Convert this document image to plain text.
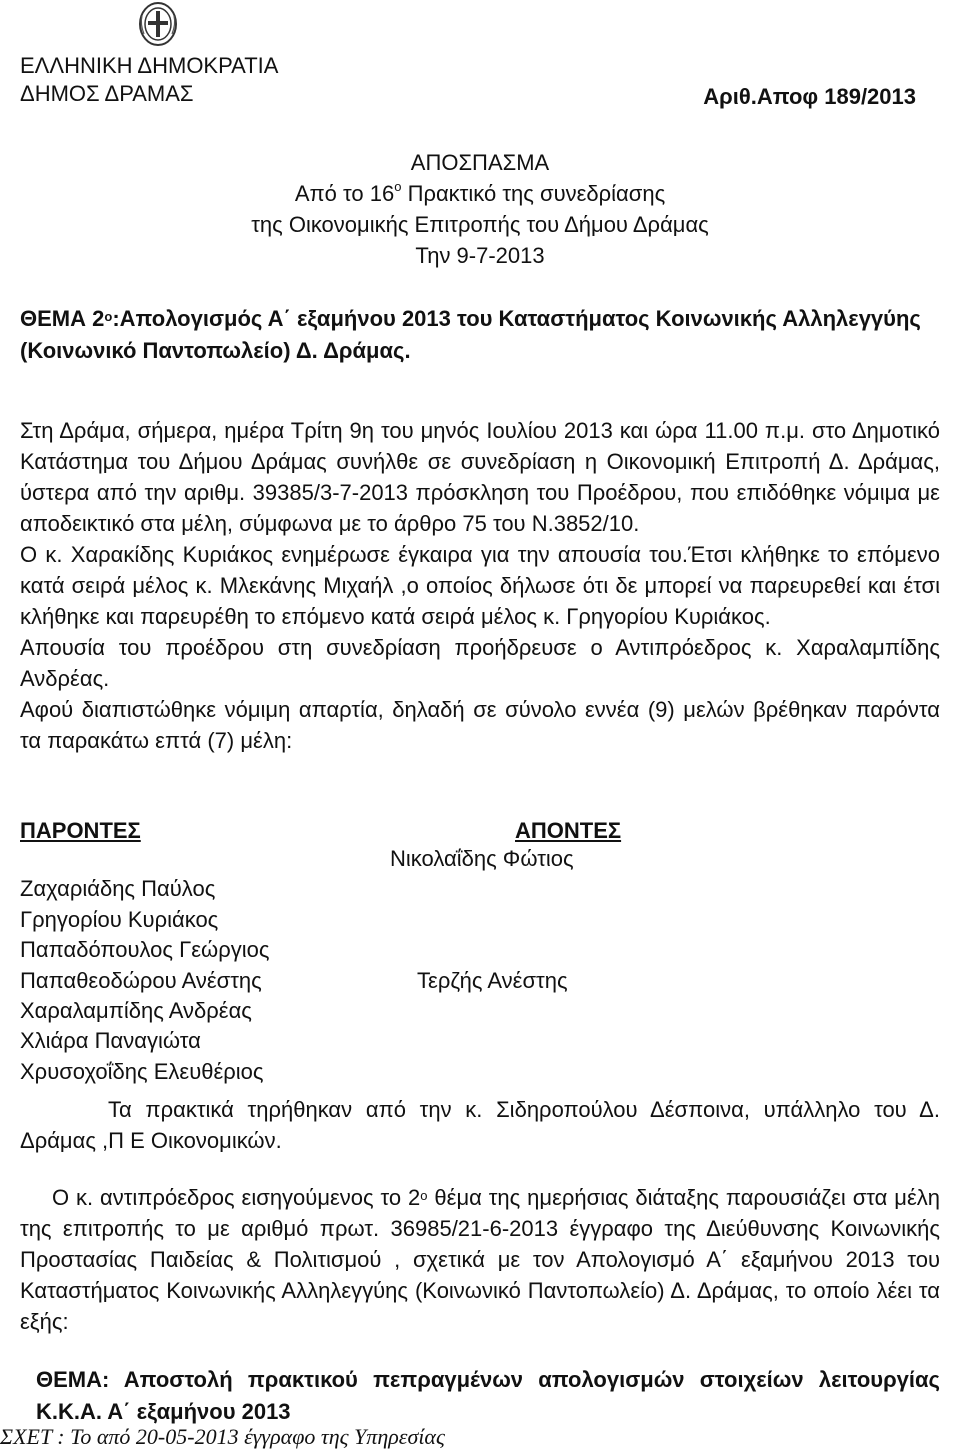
ΕΛΛΗΝΙΚΗ ΔΗΜΟΚΡΑΤΙΑ
ΔΗΜΟΣ ΔΡΑΜΑΣ	Αριθ.Αποφ 189/2013
ΑΠΟΣΠΑΣΜΑ
Από το $16^o$ Πρακτικό της συνεδρίασης
της Οικονομικής Επιτροπής του Δήμου Δράμας
Την 9-7-2013
ΘΕΜΑ $2^o:A\pi o\lambda o\gamma\iota\sigma\mu ό\varsigma$ Α΄ εξαμήνου 2013 του Καταστήματος Κοινωνικής Αλληλεγγύης (Κοινωνικό Παντοπωλείο) Δ. Δράμας.

Στη Δράμα, σήμερα, ημέρα Τρίτη 9η του μηνός Ιουλίου 2013 και ώρα 11.00 π.μ. στο Δημοτικό Κατάστημα του Δήμου Δράμας συνήλθε σε συνεδρίαση η Οικονομική Επιτροπή Δ. Δράμας, ύστερα από την αριθμ. 39385/3-7-2013 πρόσκληση του Προέδρου, που επιδόθηκε νόμιμα με αποδεικτικό στα μέλη, σύμφωνα με το άρθρο 75 του Ν.3852/10.

Ο κ. Χαρακίδης Κυριάκος ενημέρωσε έγκαιρα για την απουσία του.Έτσι κλήθηκε το επόμενο κατά σειρά μέλος κ. Μλεκάνης Μιχαήλ ,ο οποίος δήλωσε ότι δε μπορεί να παρευρεθεί και έτσι κλήθηκε και παρευρέθη το επόμενο κατά σειρά μέλος κ. Γρηγορίου Κυριάκος.

Απουσία του προέδρου στη συνεδρίαση προήδρευσε ο Αντιπρόεδρος κ. Χαραλαμπίδης Ανδρέας.

Αφού διαπιστώθηκε νόμιμη απαρτία, δηλαδή σε σύνολο εννέα (9) μελών βρέθηκαν παρόντα τα παρακάτω επτά (7) μέλη:

ΠΑΡΟΝΤΕΣ	ΑΠΟΝΤΕΣ
Νικολαΐδης Φώτιος
Τερζής Ανέστης
Ζαχαριάδης Παύλος
Γρηγορίου Κυριάκος
Παπαδόπουλος Γεώργιος
Παπαθεοδώρου Ανέστης
Χαραλαμπίδης Ανδρέας
Χλιάρα Παναγιώτα
Χρυσοχοΐδης Ελευθέριος
Τα πρακτικά τηρήθηκαν από την κ. Σιδηροπούλου Δέσποινα, υπάλληλο του Δ. Δράμας ,Π Ε Οικονομικών.
Ο κ. αντιπρόεδρος εισηγούμενος το $2^o$ θέμα της ημερήσιας διάταξης παρουσιάζει στα μέλη της επιτροπής το με αριθμό πρωτ. 36985/21-6-2013 έγγραφο της Διεύθυνσης Κοινωνικής Προστασίας Παιδείας & Πολιτισμού , σχετικά με τον Απολογισμό Α΄ εξαμήνου 2013 του Καταστήματος Κοινωνικής Αλληλεγγύης (Κοινωνικό Παντοπωλείο) Δ. Δράμας, το οποίο λέει τα εξής:
ΘΕΜΑ: Αποστολή πρακτικού πεπραγμένων απολογισμών στοιχείων λειτουργίας Κ.Κ.Α. Α΄ εξαμήνου 2013
ΣΧΕΤ : Το από 20-05-2013 έγγραφο της Υπηρεσίας
